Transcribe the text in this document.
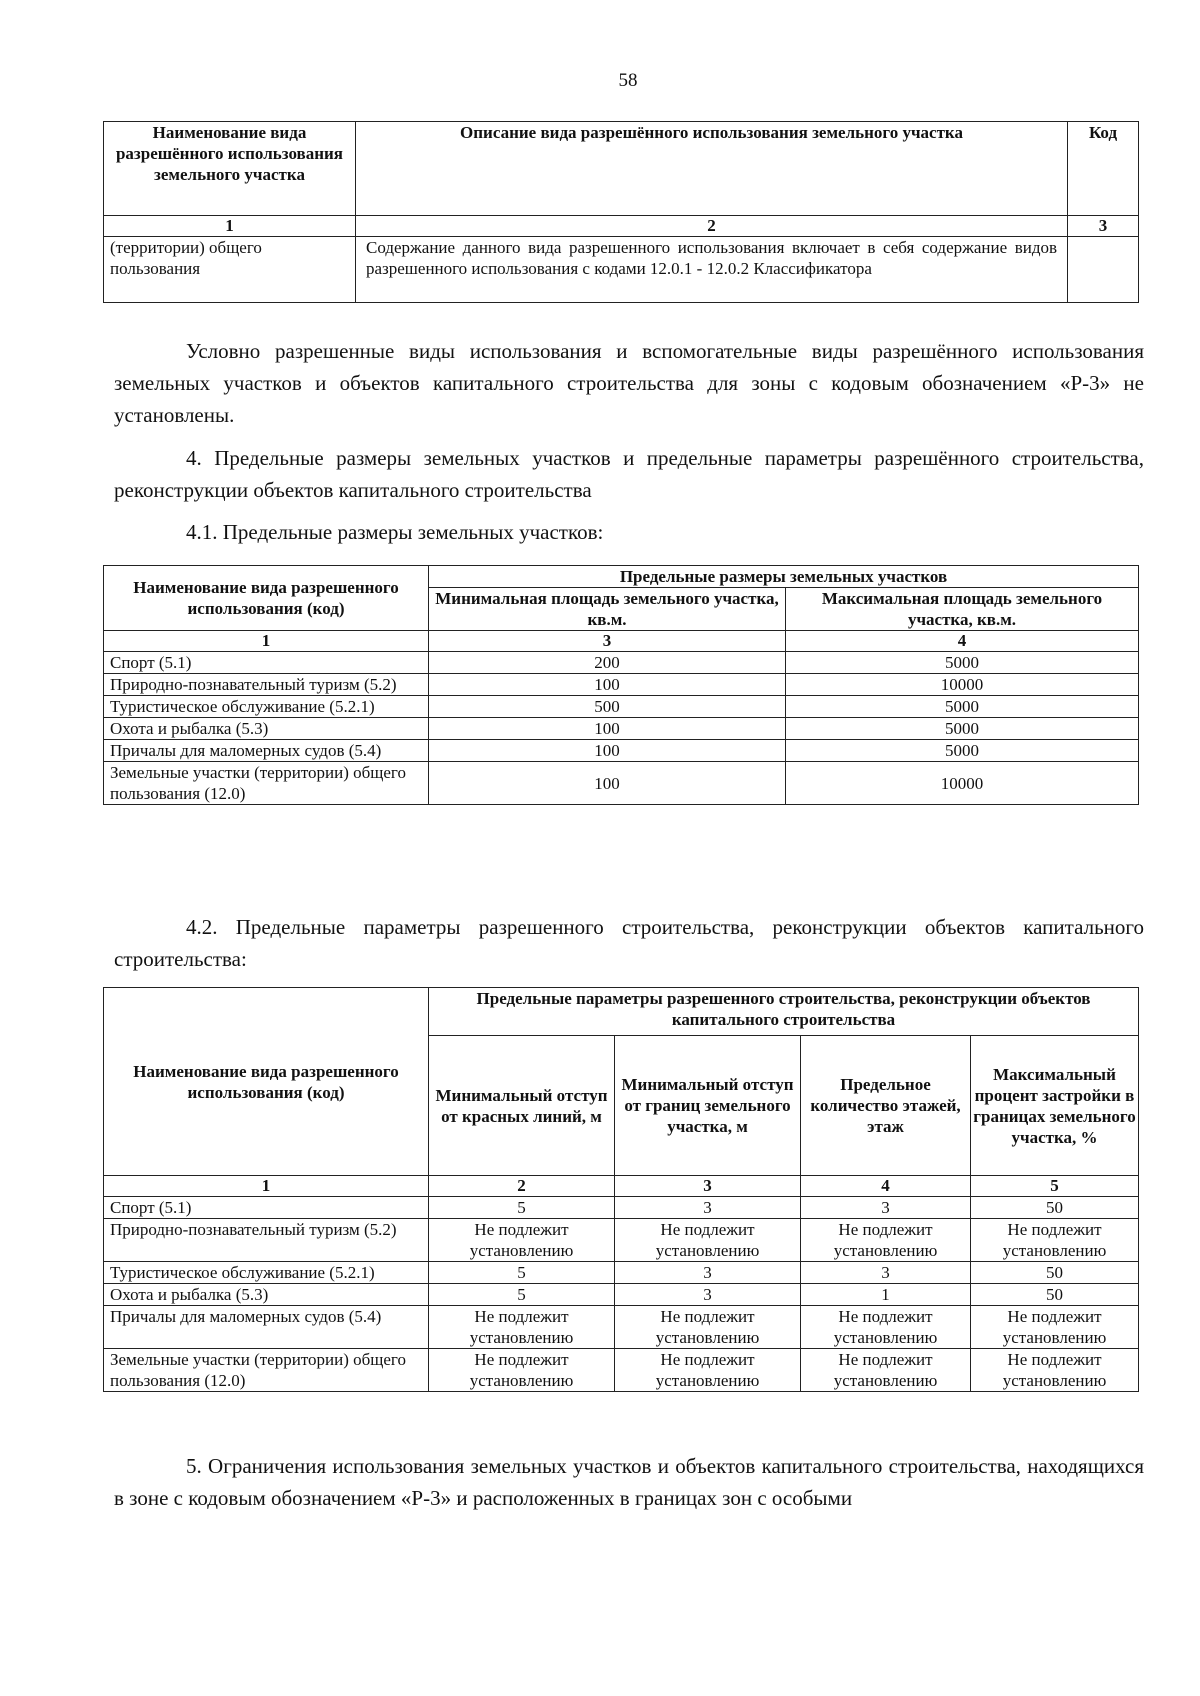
58
Наименование вида разрешённого использования земельного участка	Описание вида разрешённого использования земельного участка	Код
1	2	3
(территории) общего пользования	Содержание данного вида разрешенного использования включает в себя содержание видов разрешенного использования с кодами 12.0.1 - 12.0.2 Классификатора	
Условно разрешенные виды использования и вспомогательные виды разрешённого использования земельных участков и объектов капитального строительства для зоны с кодовым обозначением «Р-3» не установлены.
4. Предельные размеры земельных участков и предельные параметры разрешённого строительства, реконструкции объектов капитального строительства
4.1. Предельные размеры земельных участков:
Наименование вида разрешенного использования (код)	Предельные размеры земельных участков	
	Минимальная площадь земельного участка, кв.м.	Максимальная площадь земельного участка, кв.м.
1	3	4
Спорт (5.1)	200	5000
Природно-познавательный туризм (5.2)	100	10000
Туристическое обслуживание (5.2.1)	500	5000
Охота и рыбалка (5.3)	100	5000
Причалы для маломерных судов (5.4)	100	5000
Земельные участки (территории) общего пользования (12.0)	100	10000
4.2. Предельные параметры разрешенного строительства, реконструкции объектов капитального строительства:
Наименование вида разрешенного использования (код)	Предельные параметры разрешенного строительства, реконструкции объектов капитального строительства			
	Минимальный отступ от красных линий, м	Минимальный отступ от границ земельного участка, м	Предельное количество этажей, этаж	Максимальный процент застройки в границах земельного участка, %
1	2	3	4	5
Спорт (5.1)	5	3	3	50
Природно-познавательный туризм (5.2)	Не подлежит установлению	Не подлежит установлению	Не подлежит установлению	Не подлежит установлению
Туристическое обслуживание (5.2.1)	5	3	3	50
Охота и рыбалка (5.3)	5	3	1	50
Причалы для маломерных судов (5.4)	Не подлежит установлению	Не подлежит установлению	Не подлежит установлению	Не подлежит установлению
Земельные участки (территории) общего пользования (12.0)	Не подлежит установлению	Не подлежит установлению	Не подлежит установлению	Не подлежит установлению
5. Ограничения использования земельных участков и объектов капитального строительства, находящихся в зоне с кодовым обозначением «Р-3» и расположенных в границах зон с особыми
